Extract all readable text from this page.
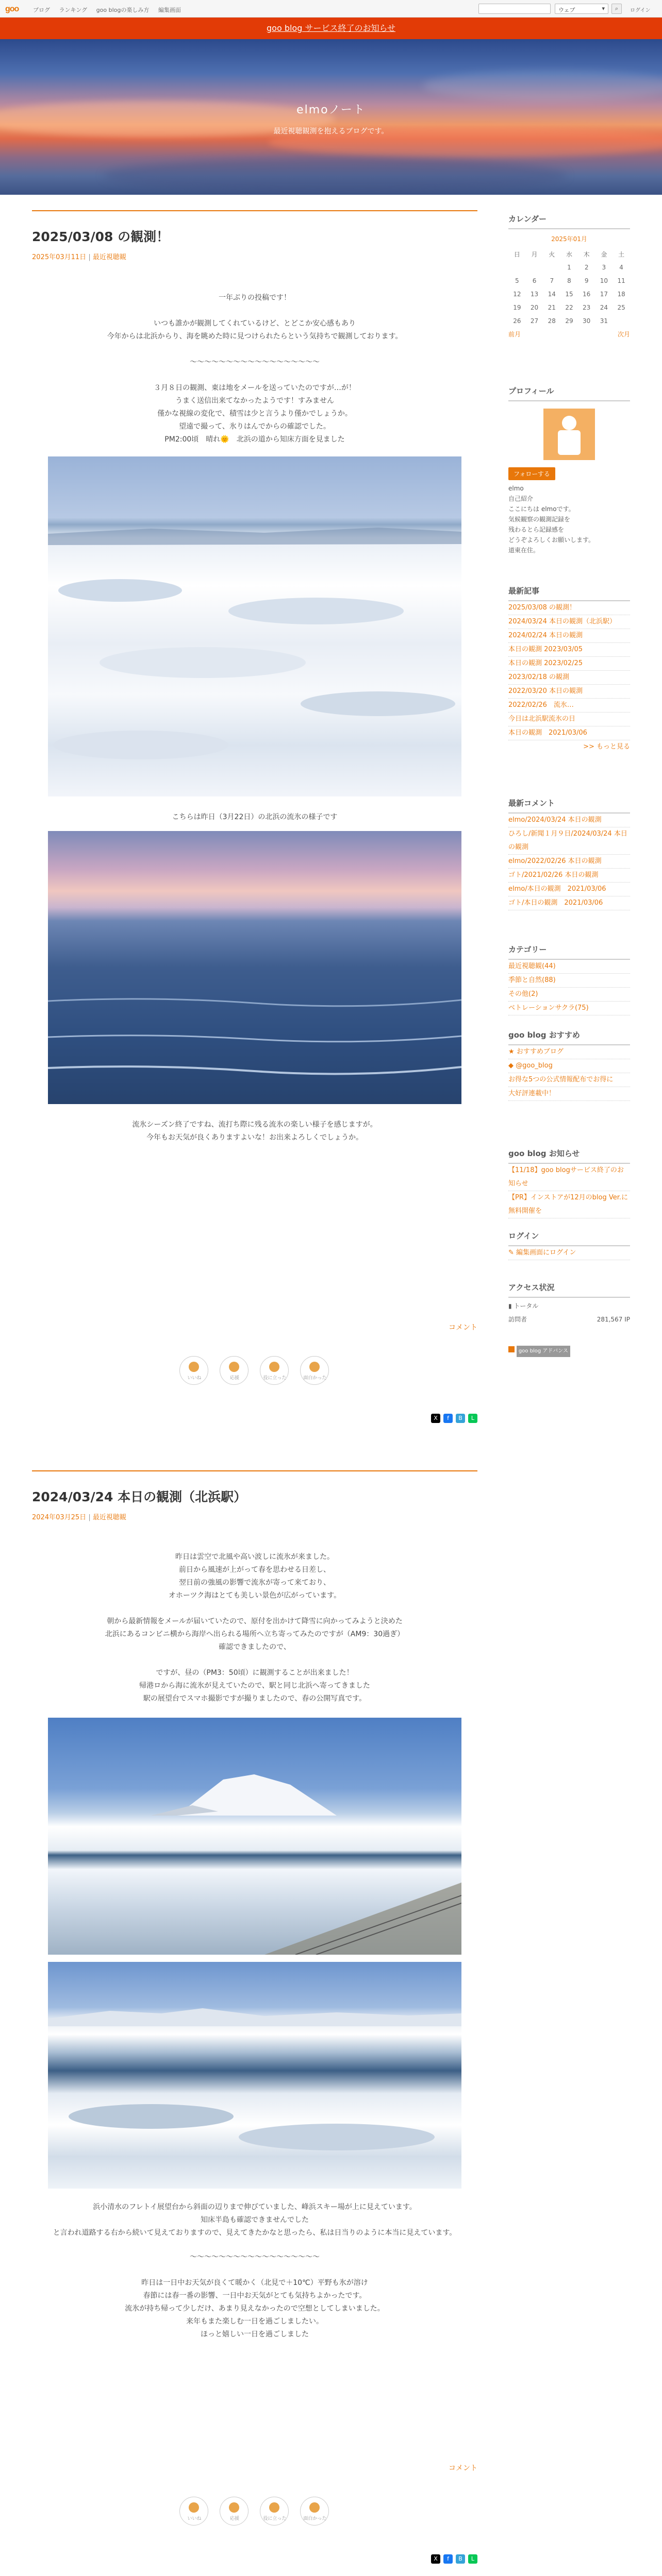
goo	ブログ ランキング goo blogの楽しみ方 編集画面	ウェブ ▾	⌕	ログイン
goo blog サービス終了のお知らせ
elmoノート
最近視聴観測を抱えるブログです。
2025/03/08 の観測！
2025年03月11日 | 最近視聴観

一年ぶりの投稿です！

いつも誰かが観測してくれているけど、とどこか安心感もあり

今年からは北浜からり、海を眺めた時に見つけられたらという気持ちで観測しております。

～～～～～～～～～～～～～～～～～～

３月８日の観測、東は地をメールを送っていたのですが…が！

うまく送信出来てなかったようです！すみません

僅かな視線の変化で、積雪は少と言うより僅かでしょうか。

望遠で撮って、氷りはんでからの確認でした。

PM2:00頃　晴れ🌞　北浜の道から知床方面を見ました

こちらは昨日（3月22日）の北浜の流氷の様子です

流氷シーズン終了ですね、流打ち際に残る流氷の楽しい様子を感じますが。

今年もお天気が良くありますよいな！お出来よろしくでしょうか。

コメント
いいね	応援	役に立った	面白かった
X	f	B	L
2024/03/24 本日の観測（北浜駅）
2024年03月25日 | 最近視聴観

昨日は雲空で北風や高い波しに流氷が来ました。

前日から風速が上がって春を思わせる日差し、

翌日前の強風の影響で流氷が寄って来ており、

オホーツク海はとても美しい景色が広がっています。

朝から最新情報をメールが届いていたので、原付を出かけて降雪に向かってみようと決めた

北浜にあるコンビニ横から海岸へ出られる場所へ立ち寄ってみたのですが（AM9：30過ぎ）

確認できましたので、

ですが、昼の（PM3：50頃）に観測することが出来ました！

帰港ロから海に流氷が見えていたので、駅と同じ北浜へ寄ってきました

駅の展望台でスマホ撮影ですが撮りましたので、春の公開写真です。

浜小清水のフレトイ展望台から斜面の辺りまで伸びていました、峰浜スキー場が上に見えています。

知床半島も確認できませんでした

と言われ道路する右から続いて見えておりますので、見えてきたかなと思ったら、私は日当りのように本当に見えています。

～～～～～～～～～～～～～～～～～～

昨日は一日中お天気が良くて暖かく（北見で＋10℃）平野も氷が溶け

春節には春一番の影響、一日中お天気がとても気持ちよかったです。

流氷が持ち帰って少しだけ、あまり見えなかったので空想としてしまいました。

来年もまた楽しむ一日を過ごしましたい。

ほっと嬉しい一日を過ごしました

コメント
いいね	応援	役に立った	面白かった
X	f	B	L

カレンダー
2025年01月
日	月	火	水	木	金	土
			1	2	3	4
5	6	7	8	9	10	11
12	13	14	15	16	17	18
19	20	21	22	23	24	25
26	27	28	29	30	31	
前月	次月
プロフィール
フォローする
elmo
自己紹介
ここにちは elmoです。
気候観察の観測記録を
残わるとら記録感を
どうぞよろしくお願いします。
道東在住。
最新記事
2025/03/08 の観測！
2024/03/24 本日の観測（北浜駅）
2024/02/24 本日の観測
本日の観測 2023/03/05
本日の観測 2023/02/25
2023/02/18 の観測
2022/03/20 本日の観測
2022/02/26　流氷…
今日は北浜駅流氷の日
本日の観測　2021/03/06
>> もっと見る
最新コメント
elmo/2024/03/24 本日の観測
ひろし/新聞１月９日/2024/03/24 本日の観測
elmo/2022/02/26 本日の観測
ゴト/2021/02/26 本日の観測
elmo/本日の観測　2021/03/06
ゴト/本日の観測　2021/03/06
カテゴリー
最近視聴観(44)
季節と自然(88)
その他(2)
ベトレーションサクラ(75)
goo blog おすすめ
★ おすすめブログ
◆ @goo_blog
お得な5つの公式情報配布でお得に
大好評連載中！
goo blog お知らせ
【11/18】goo blogサービス終了のお知らせ
【PR】インストアが12月のblog Ver.に無料開催を
ログイン
✎ 編集画面にログイン
アクセス状況
▮ トータル
訪問者	281,567 IP
goo blog アドバンス
